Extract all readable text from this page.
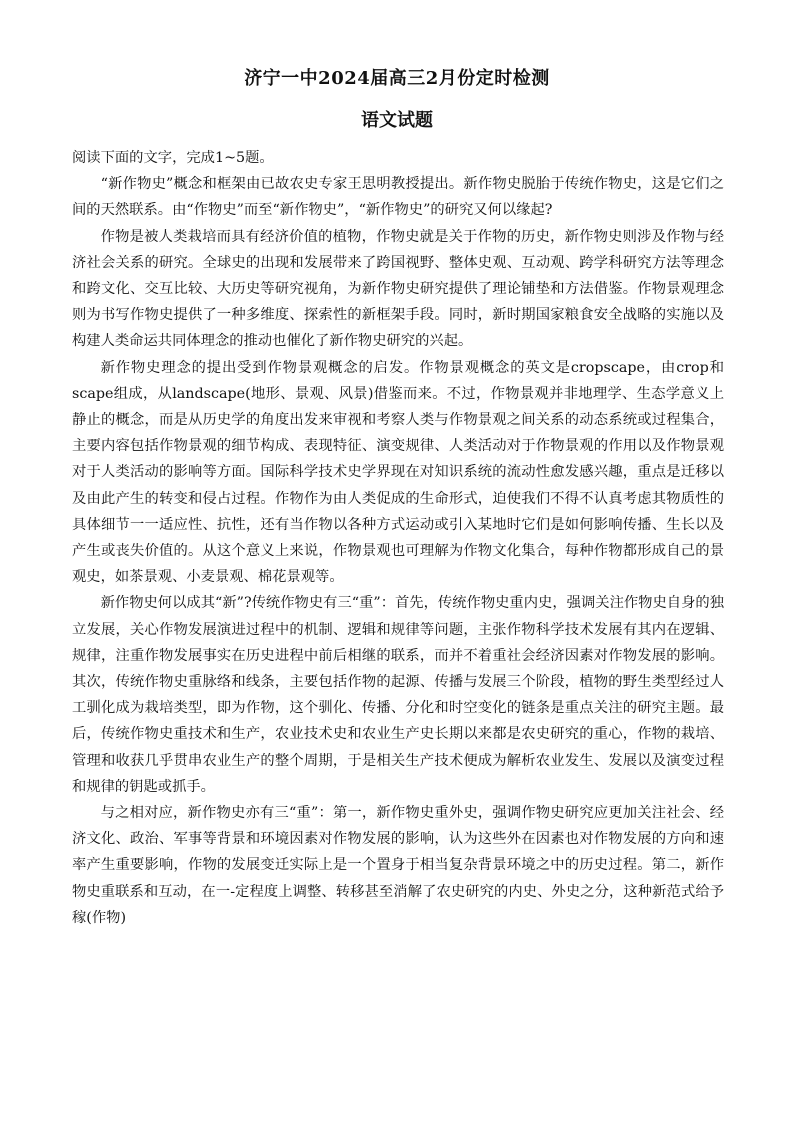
济宁一中2024届高三2月份定时检测
语文试题

阅读下面的文字，完成1~5题。

“新作物史”概念和框架由已故农史专家王思明教授提出。新作物史脱胎于传统作物史，这是它们之间的天然联系。由“作物史”而至“新作物史”，“新作物史”的研究又何以缘起?

作物是被人类栽培而具有经济价值的植物，作物史就是关于作物的历史，新作物史则涉及作物与经济社会关系的研究。全球史的出现和发展带来了跨国视野、整体史观、互动观、跨学科研究方法等理念和跨文化、交互比较、大历史等研究视角，为新作物史研究提供了理论铺垫和方法借鉴。作物景观理念则为书写作物史提供了一种多维度、探索性的新框架手段。同时，新时期国家粮食安全战略的实施以及构建人类命运共同体理念的推动也催化了新作物史研究的兴起。

新作物史理念的提出受到作物景观概念的启发。作物景观概念的英文是cropscape，由crop和scape组成，从landscape(地形、景观、风景)借鉴而来。不过，作物景观并非地理学、生态学意义上静止的概念，而是从历史学的角度出发来审视和考察人类与作物景观之间关系的动态系统或过程集合，主要内容包括作物景观的细节构成、表现特征、演变规律、人类活动对于作物景观的作用以及作物景观对于人类活动的影响等方面。国际科学技术史学界现在对知识系统的流动性愈发感兴趣，重点是迁移以及由此产生的转变和侵占过程。作物作为由人类促成的生命形式，迫使我们不得不认真考虑其物质性的具体细节一一适应性、抗性，还有当作物以各种方式运动或引入某地时它们是如何影响传播、生长以及产生或丧失价值的。从这个意义上来说，作物景观也可理解为作物文化集合，每种作物都形成自己的景观史，如茶景观、小麦景观、棉花景观等。

新作物史何以成其“新”?传统作物史有三“重”：首先，传统作物史重内史，强调关注作物史自身的独立发展，关心作物发展演进过程中的机制、逻辑和规律等问题，主张作物科学技术发展有其内在逻辑、规律，注重作物发展事实在历史进程中前后相继的联系，而并不着重社会经济因素对作物发展的影响。其次，传统作物史重脉络和线条，主要包括作物的起源、传播与发展三个阶段，植物的野生类型经过人工驯化成为栽培类型，即为作物，这个驯化、传播、分化和时空变化的链条是重点关注的研究主题。最后，传统作物史重技术和生产，农业技术史和农业生产史长期以来都是农史研究的重心，作物的栽培、管理和收获几乎贯串农业生产的整个周期，于是相关生产技术便成为解析农业发生、发展以及演变过程和规律的钥匙或抓手。

与之相对应，新作物史亦有三“重”：第一，新作物史重外史，强调作物史研究应更加关注社会、经济文化、政治、军事等背景和环境因素对作物发展的影响，认为这些外在因素也对作物发展的方向和速率产生重要影响，作物的发展变迁实际上是一个置身于相当复杂背景环境之中的历史过程。第二，新作物史重联系和互动，在一-定程度上调整、转移甚至消解了农史研究的内史、外史之分，这种新范式给予稼(作物)
